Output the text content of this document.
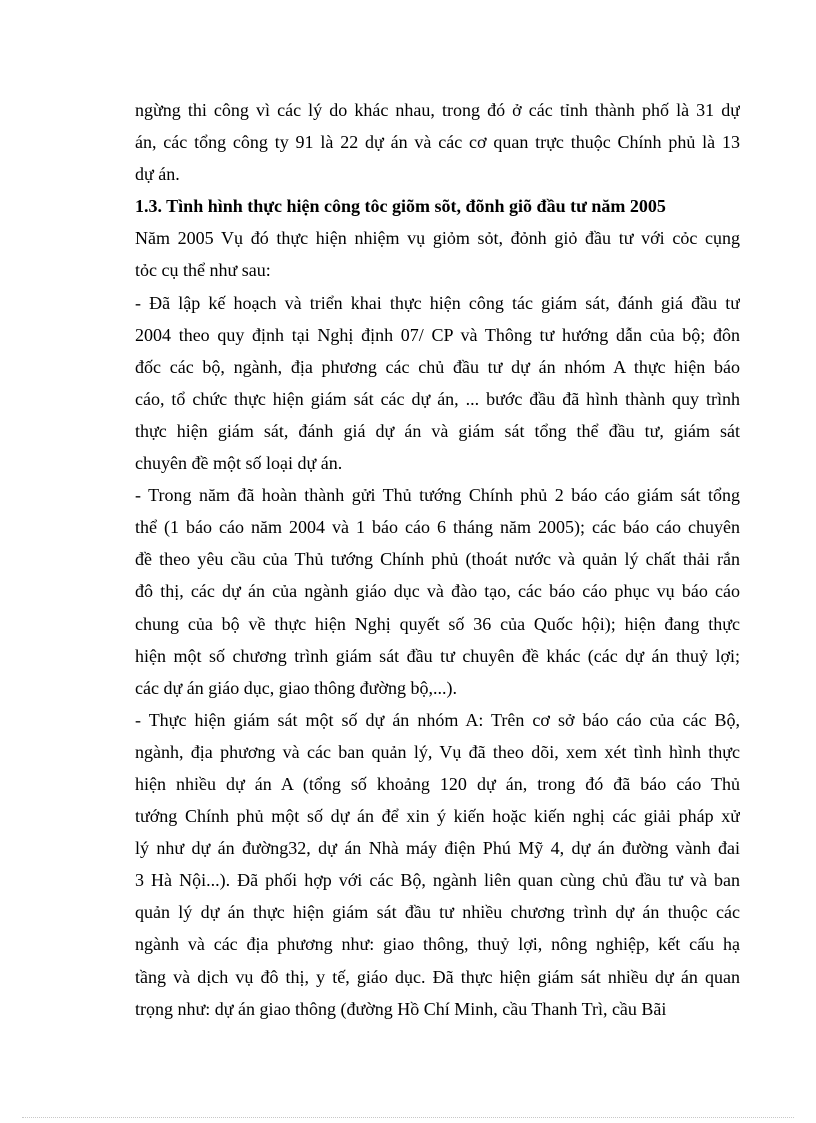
ngừng thi công vì các lý do khác nhau, trong đó ở các tỉnh thành phố là 31 dự
án, các tổng công ty 91 là 22 dự án và các cơ quan trực thuộc Chính phủ là 13
dự án.
1.3. Tình hình thực hiện công tôc giõm sõt, đõnh giõ đầu tư năm 2005
Năm 2005 Vụ đó thực hiện nhiệm vụ giỏm sỏt, đỏnh giỏ đầu tư với cỏc cụng
tỏc cụ thể như sau:
- Đã lập kế hoạch và triển khai thực hiện công tác giám sát, đánh giá đầu tư
2004 theo quy định tại Nghị định 07/ CP và Thông tư hướng dẫn của bộ; đôn
đốc các bộ, ngành, địa phương các chủ đầu tư dự án nhóm A thực hiện báo
cáo, tổ chức thực hiện giám sát các dự án, ... bước đầu đã hình thành quy trình
thực hiện giám sát, đánh giá dự án và giám sát tổng thể đầu tư, giám sát
chuyên đề một số loại dự án.
- Trong năm đã hoàn thành gửi Thủ tướng Chính phủ 2 báo cáo giám sát tổng
thể (1 báo cáo năm 2004 và 1 báo cáo 6 tháng năm 2005); các báo cáo chuyên
đề theo yêu cầu của Thủ tướng Chính phủ (thoát nước và quản lý chất thải rắn
đô thị, các dự án của ngành giáo dục và đào tạo, các báo cáo phục vụ báo cáo
chung của bộ về thực hiện Nghị quyết số 36 của Quốc hội); hiện đang thực
hiện một số chương trình giám sát đầu tư chuyên đề khác (các dự án thuỷ lợi;
các dự án giáo dục, giao thông đường bộ,...).
- Thực hiện giám sát một số dự án nhóm A: Trên cơ sở báo cáo của các Bộ,
ngành, địa phương và các ban quản lý, Vụ đã theo dõi, xem xét tình hình thực
hiện nhiều dự án A (tổng số khoảng 120 dự án, trong đó đã báo cáo Thủ
tướng Chính phủ một số dự án để xin ý kiến hoặc kiến nghị các giải pháp xử
lý như dự án đường32, dự án Nhà máy điện Phú Mỹ 4, dự án đường vành đai
3 Hà Nội...). Đã phối hợp với các Bộ, ngành liên quan cùng chủ đầu tư và ban
quản lý dự án thực hiện giám sát đầu tư nhiều chương trình dự án thuộc các
ngành và các địa phương như: giao thông, thuỷ lợi, nông nghiệp, kết cấu hạ
tầng và dịch vụ đô thị, y tế, giáo dục. Đã thực hiện giám sát nhiều dự án quan
trọng như: dự án giao thông (đường Hồ Chí Minh, cầu Thanh Trì, cầu Bãi
